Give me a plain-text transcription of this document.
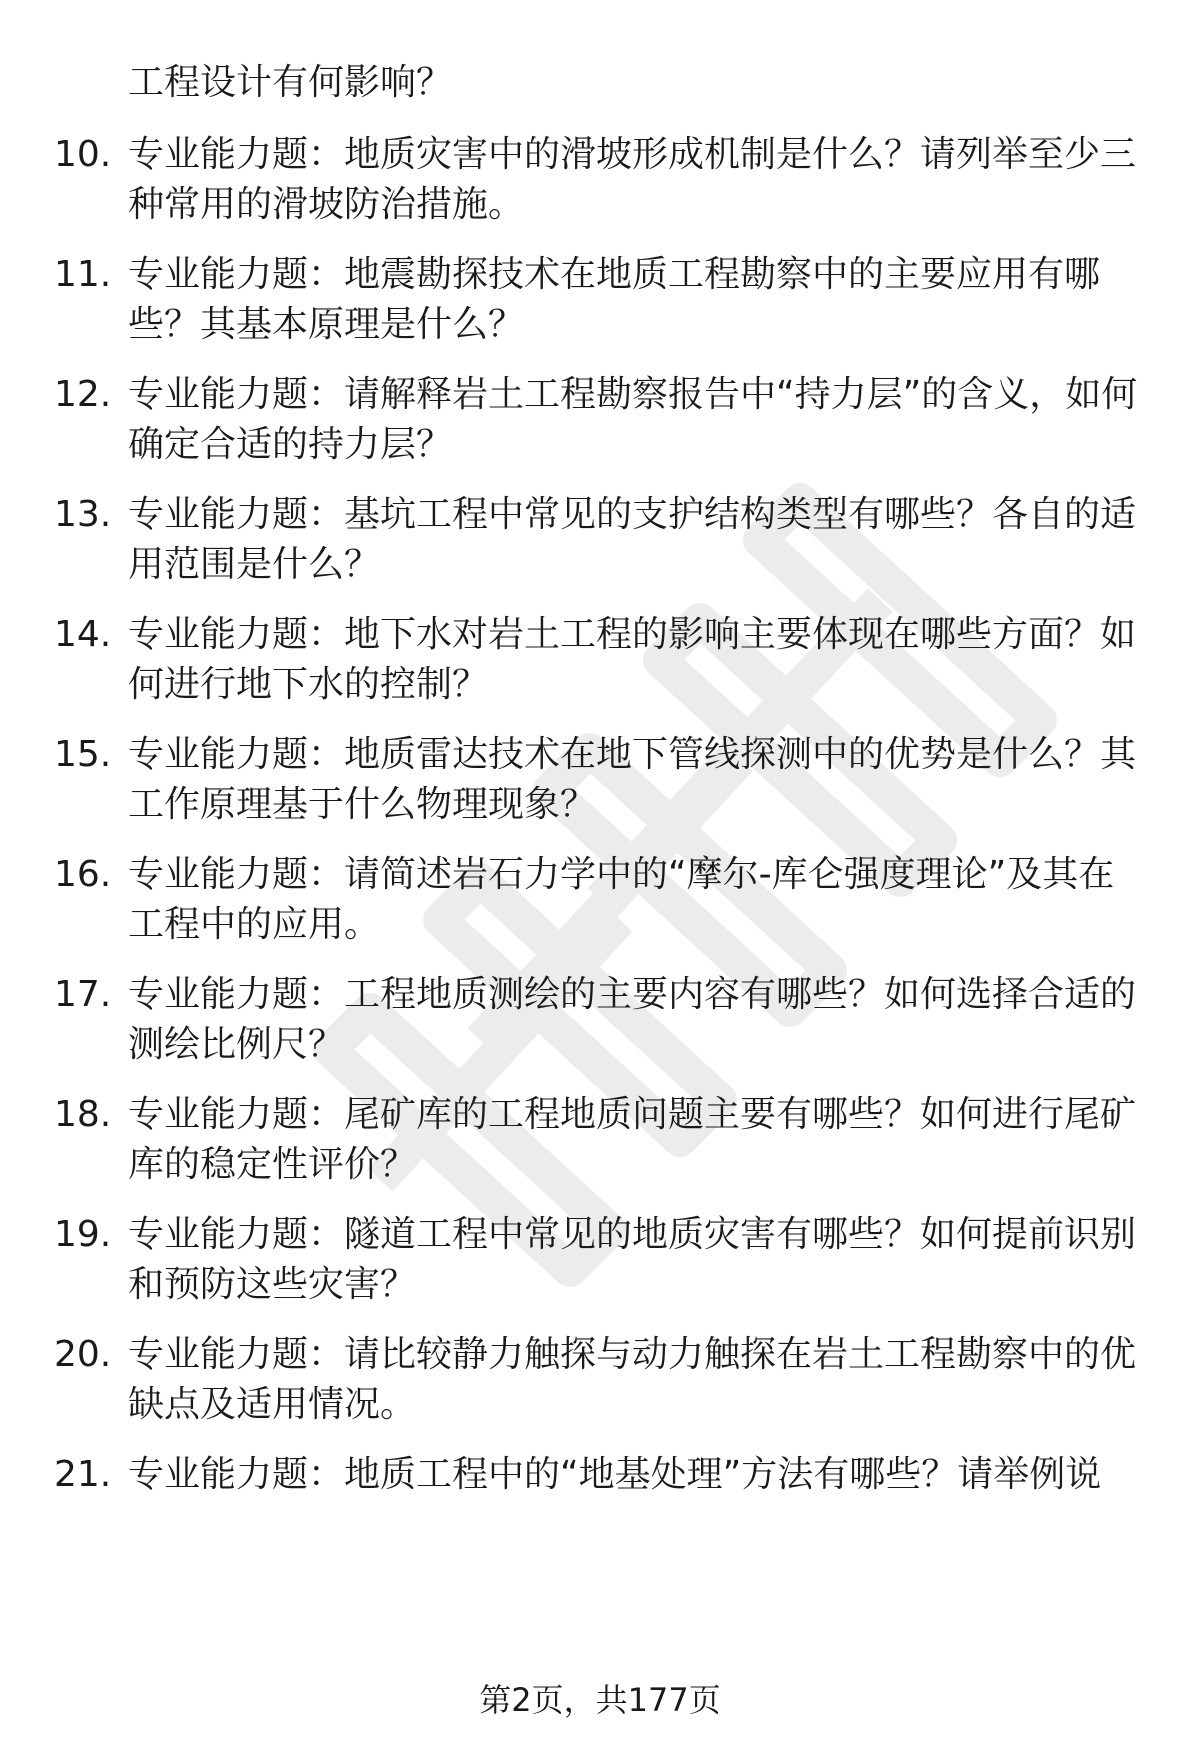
工程设计有何影响？

10. 专业能力题：地质灾害中的滑坡形成机制是什么？请列举至少三种常用的滑坡防治措施。

11. 专业能力题：地震勘探技术在地质工程勘察中的主要应用有哪些？其基本原理是什么？

12. 专业能力题：请解释岩土工程勘察报告中“持力层”的含义，如何确定合适的持力层？

13. 专业能力题：基坑工程中常见的支护结构类型有哪些？各自的适用范围是什么？

14. 专业能力题：地下水对岩土工程的影响主要体现在哪些方面？如何进行地下水的控制？

15. 专业能力题：地质雷达技术在地下管线探测中的优势是什么？其工作原理基于什么物理现象？

16. 专业能力题：请简述岩石力学中的“摩尔-库仑强度理论”及其在工程中的应用。

17. 专业能力题：工程地质测绘的主要内容有哪些？如何选择合适的测绘比例尺？

18. 专业能力题：尾矿库的工程地质问题主要有哪些？如何进行尾矿库的稳定性评价？

19. 专业能力题：隧道工程中常见的地质灾害有哪些？如何提前识别和预防这些灾害？

20. 专业能力题：请比较静力触探与动力触探在岩土工程勘察中的优缺点及适用情况。

21. 专业能力题：地质工程中的“地基处理”方法有哪些？请举例说

第2页，共177页
